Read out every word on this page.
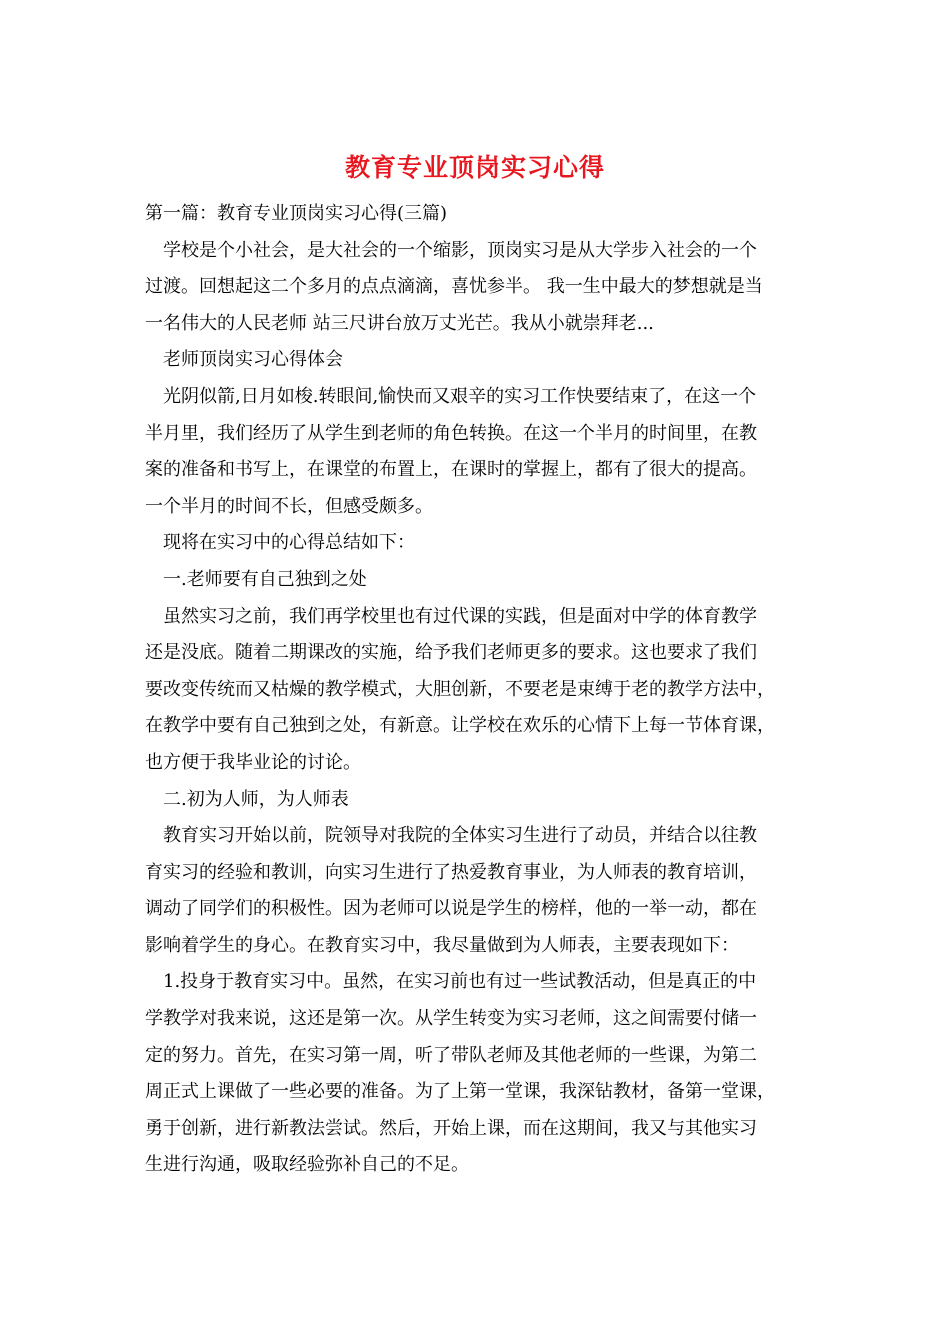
教育专业顶岗实习心得
第一篇：教育专业顶岗实习心得(三篇)
学校是个小社会，是大社会的一个缩影，顶岗实习是从大学步入社会的一个
过渡。回想起这二个多月的点点滴滴，喜忧参半。 我一生中最大的梦想就是当
一名伟大的人民老师 站三尺讲台放万丈光芒。我从小就崇拜老...
老师顶岗实习心得体会
光阴似箭,日月如梭.转眼间,愉快而又艰辛的实习工作快要结束了，在这一个
半月里，我们经历了从学生到老师的角色转换。在这一个半月的时间里，在教
案的准备和书写上，在课堂的布置上，在课时的掌握上，都有了很大的提高。
一个半月的时间不长，但感受颇多。
现将在实习中的心得总结如下：
一.老师要有自己独到之处
虽然实习之前，我们再学校里也有过代课的实践，但是面对中学的体育教学
还是没底。随着二期课改的实施，给予我们老师更多的要求。这也要求了我们
要改变传统而又枯燥的教学模式，大胆创新，不要老是束缚于老的教学方法中，
在教学中要有自己独到之处，有新意。让学校在欢乐的心情下上每一节体育课，
也方便于我毕业论的讨论。
二.初为人师，为人师表
教育实习开始以前，院领导对我院的全体实习生进行了动员，并结合以往教
育实习的经验和教训，向实习生进行了热爱教育事业，为人师表的教育培训，
调动了同学们的积极性。因为老师可以说是学生的榜样，他的一举一动，都在
影响着学生的身心。在教育实习中，我尽量做到为人师表，主要表现如下：
1.投身于教育实习中。虽然，在实习前也有过一些试教活动，但是真正的中
学教学对我来说，这还是第一次。从学生转变为实习老师，这之间需要付储一
定的努力。首先，在实习第一周，听了带队老师及其他老师的一些课，为第二
周正式上课做了一些必要的准备。为了上第一堂课，我深钻教材，备第一堂课，
勇于创新，进行新教法尝试。然后，开始上课，而在这期间，我又与其他实习
生进行沟通，吸取经验弥补自己的不足。
